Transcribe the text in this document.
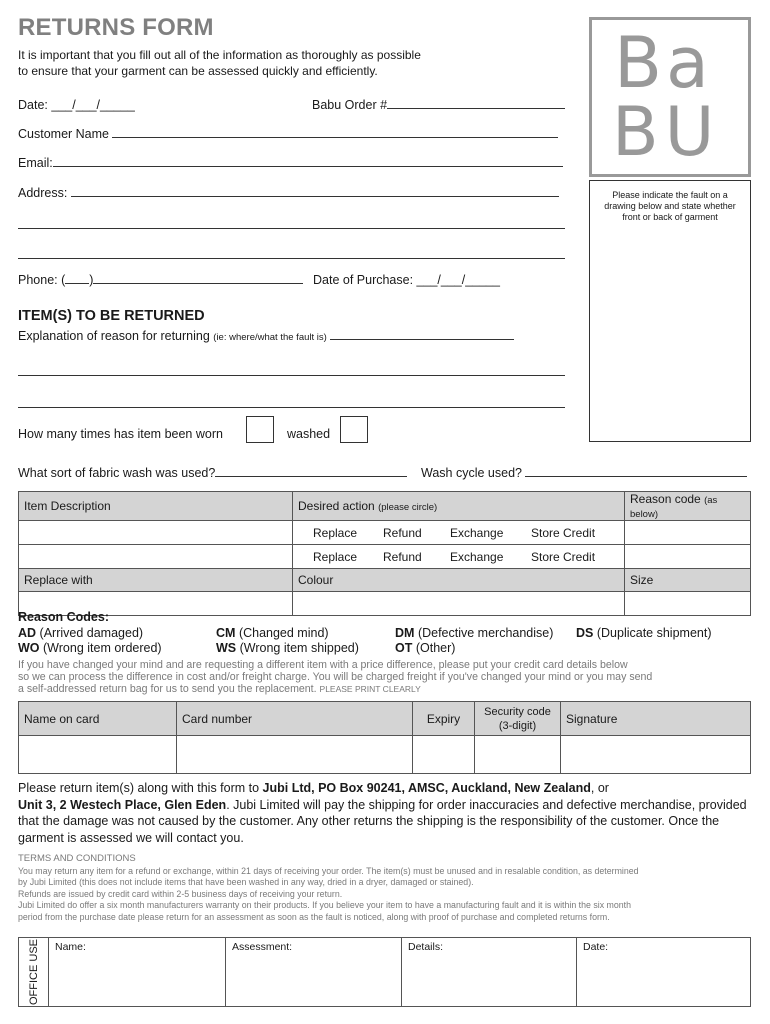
RETURNS FORM
It is important that you fill out all of the information as thoroughly as possible
to ensure that your garment can be assessed quickly and efficiently.	Ba
BU
Please indicate the fault on a drawing below and state whether front or back of garment
Date: ___/___/_____	Babu Order #
Customer Name
Email:
Address:
Phone: ( )	Date of Purchase: ___/___/_____
ITEM(S) TO BE RETURNED
Explanation of reason for returning (ie: where/what the fault is)
How many times has item been worn	washed
What sort of fabric wash was used?	Wash cycle used?
Item Description	Desired action (please circle)	Reason code (as below)
	Replace Refund Exchange Store Credit	
	Replace Refund Exchange Store Credit	
Replace with	Colour	Size

Reason Codes:
AD (Arrived damaged)	CM (Changed mind)	DM (Defective merchandise) DS (Duplicate shipment)
WO (Wrong item ordered)	WS (Wrong item shipped)	OT (Other)
If you have changed your mind and are requesting a different item with a price difference, please put your credit card details below
so we can process the difference in cost and/or freight charge. You will be charged freight if you've changed your mind or you may send
a self-addressed return bag for us to send you the replacement. PLEASE PRINT CLEARLY
Name on card	Card number	Expiry	Security code
(3-digit)	Signature

Please return item(s) along with this form to Jubi Ltd, PO Box 90241, AMSC, Auckland, New Zealand, or
Unit 3, 2 Westech Place, Glen Eden. Jubi Limited will pay the shipping for order inaccuracies and defective merchandise, provided that the damage was not caused by the customer. Any other returns the shipping is the responsibility of the customer. Once the garment is assessed we will contact you.
TERMS AND CONDITIONS
You may return any item for a refund or exchange, within 21 days of receiving your order. The item(s) must be unused and in resalable condition, as determined
by Jubi Limited (this does not include items that have been washed in any way, dried in a dryer, damaged or stained).
Refunds are issued by credit card within 2-5 business days of receiving your return.
Jubi Limited do offer a six month manufacturers warranty on their products. If you believe your item to have a manufacturing fault and it is within the six month
period from the purchase date please return for an assessment as soon as the fault is noticed, along with proof of purchase and completed returns form.
OFFICE USE	Name:	Assessment:	Details:	Date:
